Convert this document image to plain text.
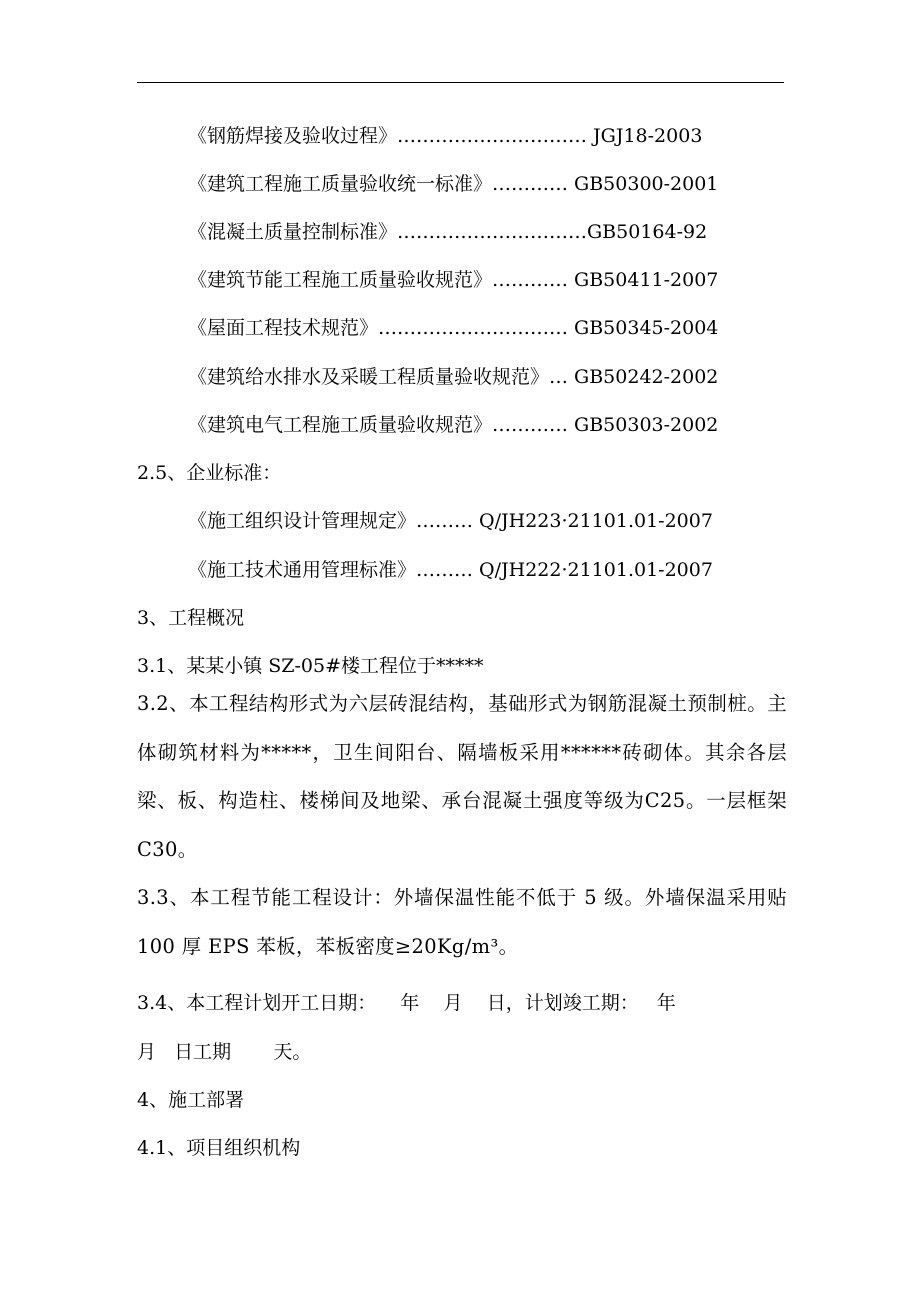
《钢筋焊接及验收过程》………………………… JGJ18-2003
《建筑工程施工质量验收统一标准》………… GB50300-2001
《混凝土质量控制标准》…………………………GB50164-92
《建筑节能工程施工质量验收规范》………… GB50411-2007
《屋面工程技术规范》………………………… GB50345-2004
《建筑给水排水及采暖工程质量验收规范》… GB50242-2002
《建筑电气工程施工质量验收规范》………… GB50303-2002
2.5、企业标准：
《施工组织设计管理规定》……… Q/JH223·21101.01-2007
《施工技术通用管理标准》……… Q/JH222·21101.01-2007
3、工程概况
3.1、某某小镇 SZ-05#楼工程位于*****
3.2、本工程结构形式为六层砖混结构，基础形式为钢筋混凝土预制桩。主体砌筑材料为*****，卫生间阳台、隔墙板采用******砖砌体。其余各层梁、板、构造柱、楼梯间及地梁、承台混凝土强度等级为C25。一层框架 C30。
3.3、本工程节能工程设计：外墙保温性能不低于 5 级。外墙保温采用贴 100 厚 EPS 苯板，苯板密度≥20Kg/m³。
3.4、本工程计划开工日期：    年    月    日，计划竣工期：   年
月   日工期       天。
4、施工部署
4.1、项目组织机构
